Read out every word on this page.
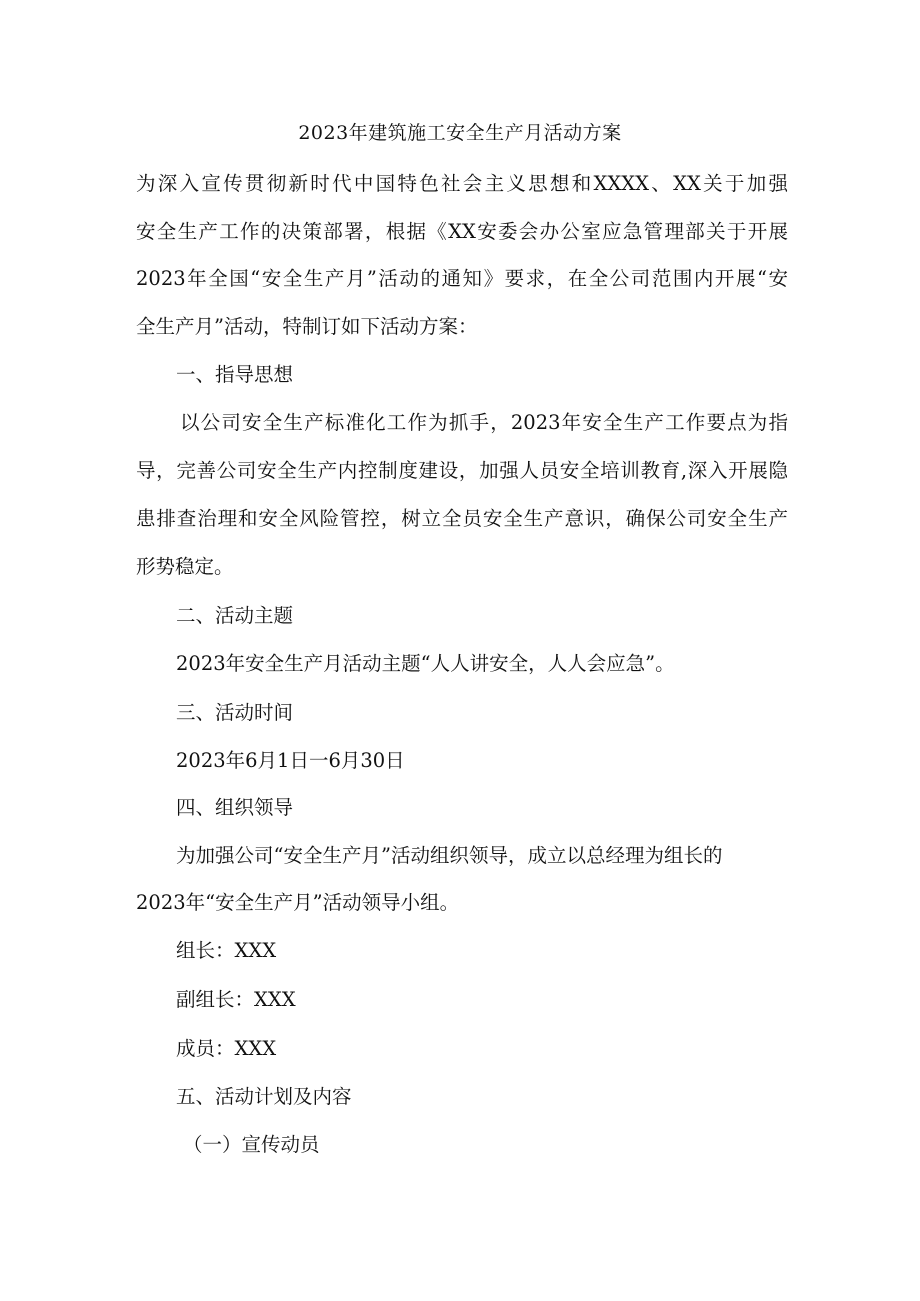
2023年建筑施工安全生产月活动方案
为深入宣传贯彻新时代中国特色社会主义思想和XXXX、XX关于加强
安全生产工作的决策部署，根据《XX安委会办公室应急管理部关于开展
2023年全国“安全生产月”活动的通知》要求，在全公司范围内开展“安
全生产月”活动，特制订如下活动方案：
一、指导思想
以公司安全生产标准化工作为抓手，2023年安全生产工作要点为指
导，完善公司安全生产内控制度建设，加强人员安全培训教育,深入开展隐
患排查治理和安全风险管控，树立全员安全生产意识，确保公司安全生产
形势稳定。
二、活动主题
2023年安全生产月活动主题“人人讲安全，人人会应急”。
三、活动时间
2023年6月1日一6月30日
四、组织领导
为加强公司“安全生产月”活动组织领导，成立以总经理为组长的
2023年“安全生产月”活动领导小组。
组长：XXX
副组长：XXX
成员：XXX
五、活动计划及内容
（一）宣传动员
